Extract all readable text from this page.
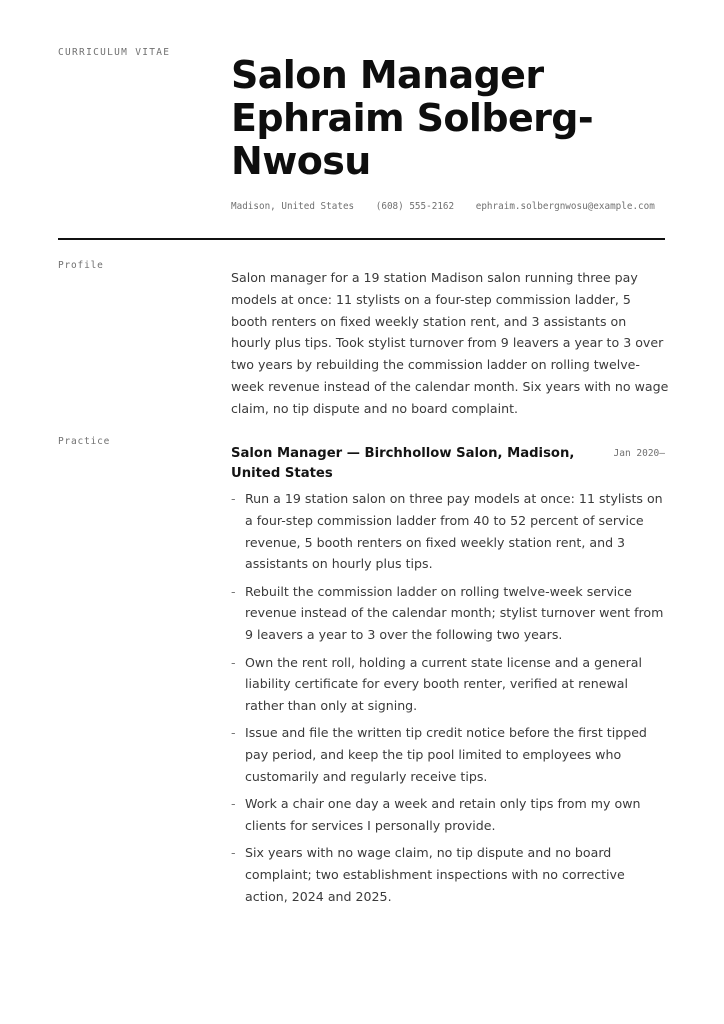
CURRICULUM VITAE
Salon Manager
Ephraim Solberg-
Nwosu
Madison, United States (608) 555-2162 ephraim.solbergnwosu@example.com
Profile

Salon manager for a 19 station Madison salon running three pay models at once: 11 stylists on a four-step commission ladder, 5 booth renters on fixed weekly station rent, and 3 assistants on hourly plus tips. Took stylist turnover from 9 leavers a year to 3 over two years by rebuilding the commission ladder on rolling twelve-week revenue instead of the calendar month. Six years with no wage claim, no tip dispute and no board complaint.

Practice
Salon Manager — Birchhollow Salon, Madison, United States
Jan 2020–
- Run a 19 station salon on three pay models at once: 11 stylists on a four-step commission ladder from 40 to 52 percent of service revenue, 5 booth renters on fixed weekly station rent, and 3 assistants on hourly plus tips.
- Rebuilt the commission ladder on rolling twelve-week service revenue instead of the calendar month; stylist turnover went from 9 leavers a year to 3 over the following two years.
- Own the rent roll, holding a current state license and a general liability certificate for every booth renter, verified at renewal rather than only at signing.
- Issue and file the written tip credit notice before the first tipped pay period, and keep the tip pool limited to employees who customarily and regularly receive tips.
- Work a chair one day a week and retain only tips from my own clients for services I personally provide.
- Six years with no wage claim, no tip dispute and no board complaint; two establishment inspections with no corrective action, 2024 and 2025.
